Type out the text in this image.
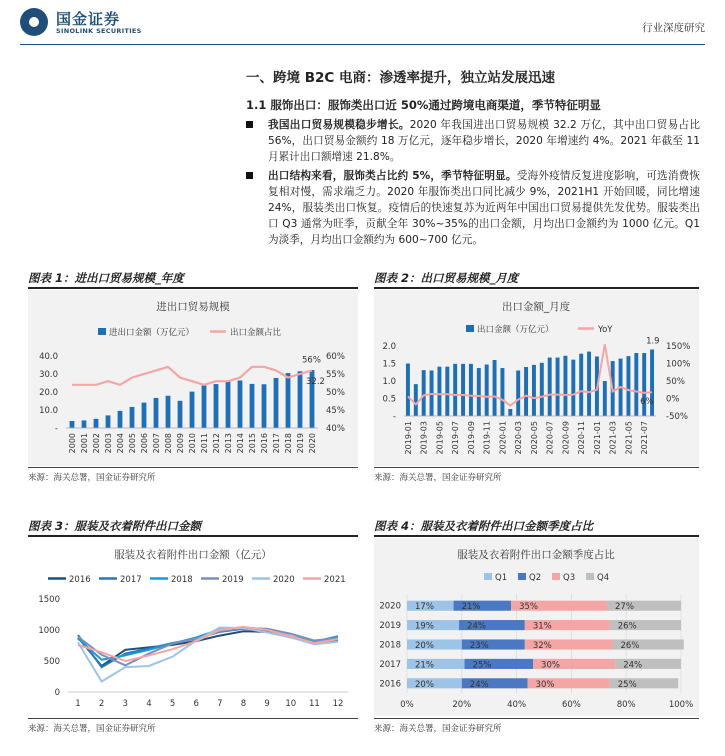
国金证券
SINOLINK SECURITIES	行业深度研究
一、跨境 B2C 电商：渗透率提升，独立站发展迅速
1.1 服饰出口：服饰类出口近 50%通过跨境电商渠道，季节特征明显
我国出口贸易规模稳步增长。2020 年我国进出口贸易规模 32.2 万亿，其中出口贸易占比 56%，出口贸易金额约 18 万亿元，逐年稳步增长，2020 年增速约 4%。2021 年截至 11 月累计出口额增速 21.8%。
出口结构来看，服饰类占比约 5%，季节特征明显。受海外疫情反复进度影响，可选消费恢复相对慢，需求端乏力。2020 年服饰类出口同比减少 9%，2021H1 开始回暖，同比增速 24%，服装类出口恢复。疫情后的快速复苏为近两年中国出口贸易提供先发优势。服装类出口 Q3 通常为旺季，贡献全年 30%~35%的出口金额，月均出口金额约为 1000 亿元。Q1 为淡季，月均出口金额约为 600~700 亿元。
图表 1：进出口贸易规模_年度
进出口贸易规模
进出口金额（万亿元）	出口金额占比
-
10.0
20.0
30.0
40.0
40%
45%
50%
55%
60%
2000 2001 2002 2003 2004 2005 2006 2007 2008 2009 2010 2011 2012 2013 2014 2015 2016 2017 2018 2019 2020
56%
32.2
来源：海关总署，国金证券研究所
图表 2：出口贸易规模_月度
出口金额_月度
出口金额（万亿元）	YoY
-
0.5
1.0
1.5
2.0
-50%
0%
50%
100%
150%
2019-01 2019-03 2019-05 2019-07 2019-09 2019-11 2020-01 2020-03 2020-05 2020-07 2020-09 2020-11 2021-01 2021-03 2021-05 2021-07
1.9
6%
来源：海关总署，国金证券研究所
图表 3：服装及衣着附件出口金额
服装及衣着附件出口金额（亿元）
2016	2017	2018	2019	2020	2021
0
500
1000
1500
1 2 3 4 5 6 7 8 9 10 11 12
来源：海关总署，国金证券研究所
图表 4：服装及衣着附件出口金额季度占比
服装及衣着附件出口金额季度占比
Q1	Q2	Q3	Q4
0%	20%	40%	60%	80%	100%
2020 17%	21%	35%	27%
2019 19%	24%	31%	26%
2018 20%	23%	32%	26%
2017 21%	25%	30%	24%
2016 20%	24%	30%	25%
来源：海关总署，国金证券研究所
